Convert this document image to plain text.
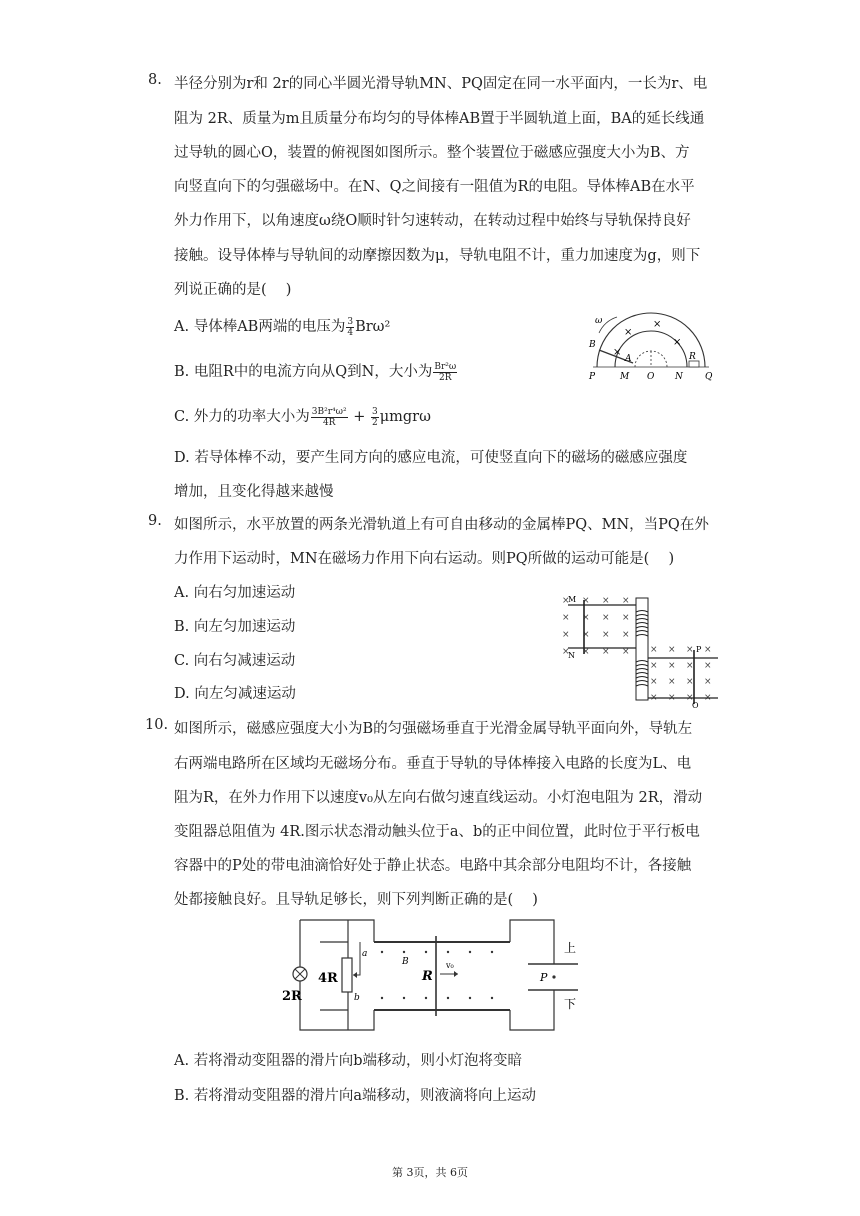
8. 半径分别为r和 2r的同心半圆光滑导轨MN、PQ固定在同一水平面内，一长为r、电
阻为 2R、质量为m且质量分布均匀的导体棒AB置于半圆轨道上面，BA的延长线通
过导轨的圆心O，装置的俯视图如图所示。整个装置位于磁感应强度大小为B、方
向竖直向下的匀强磁场中。在N、Q之间接有一阻值为R的电阻。导体棒AB在水平
外力作用下，以角速度ω绕O顺时针匀速转动，在转动过程中始终与导轨保持良好
接触。设导体棒与导轨间的动摩擦因数为μ，导轨电阻不计，重力加速度为g，则下
列说正确的是(　 )
A. 导体棒AB两端的电压为 $\frac{3}{4} Br\omega^2$
B. 电阻R中的电流方向从Q到N，大小为 $\frac{\text{Br²ω}}{2R}$
C. 外力的功率大小为 $\frac{\text{3B²r⁴ω²}}{4R} + \frac{3}{2}$ μmgrω
D. 若导体棒不动，要产生同方向的感应电流，可使竖直向下的磁场的磁感应强度
增加，且变化得越来越慢
×
×
×
×
ω
B
A
P	M O N
R
Q
9. 如图所示，水平放置的两条光滑轨道上有可自由移动的金属棒PQ、MN，当PQ在外
力作用下运动时，MN在磁场力作用下向右运动。则PQ所做的运动可能是(　 )
A. 向右匀加速运动
B. 向左匀加速运动
C. 向右匀减速运动
D. 向左匀减速运动
× × × ×
× × × ×
× × × ×
× × × × × × × ×
× × × ×
× × × ×
× × × ×
M
N
P
Q
10. 如图所示，磁感应强度大小为B的匀强磁场垂直于光滑金属导轨平面向外，导轨左
右两端电路所在区域均无磁场分布。垂直于导轨的导体棒接入电路的长度为L、电
阻为R，在外力作用下以速度v₀从左向右做匀速直线运动。小灯泡电阻为 2R，滑动
变阻器总阻值为 4R.图示状态滑动触头位于a、b的正中间位置，此时位于平行板电
容器中的P处的带电油滴恰好处于静止状态。电路中其余部分电阻均不计，各接触
处都接触良好。且导轨足够长，则下列判断正确的是(　 )
2R
4R
a
b
B
R
v₀
P
上
下
A. 若将滑动变阻器的滑片向b端移动，则小灯泡将变暗
B. 若将滑动变阻器的滑片向a端移动，则液滴将向上运动
第 3页，共 6页
